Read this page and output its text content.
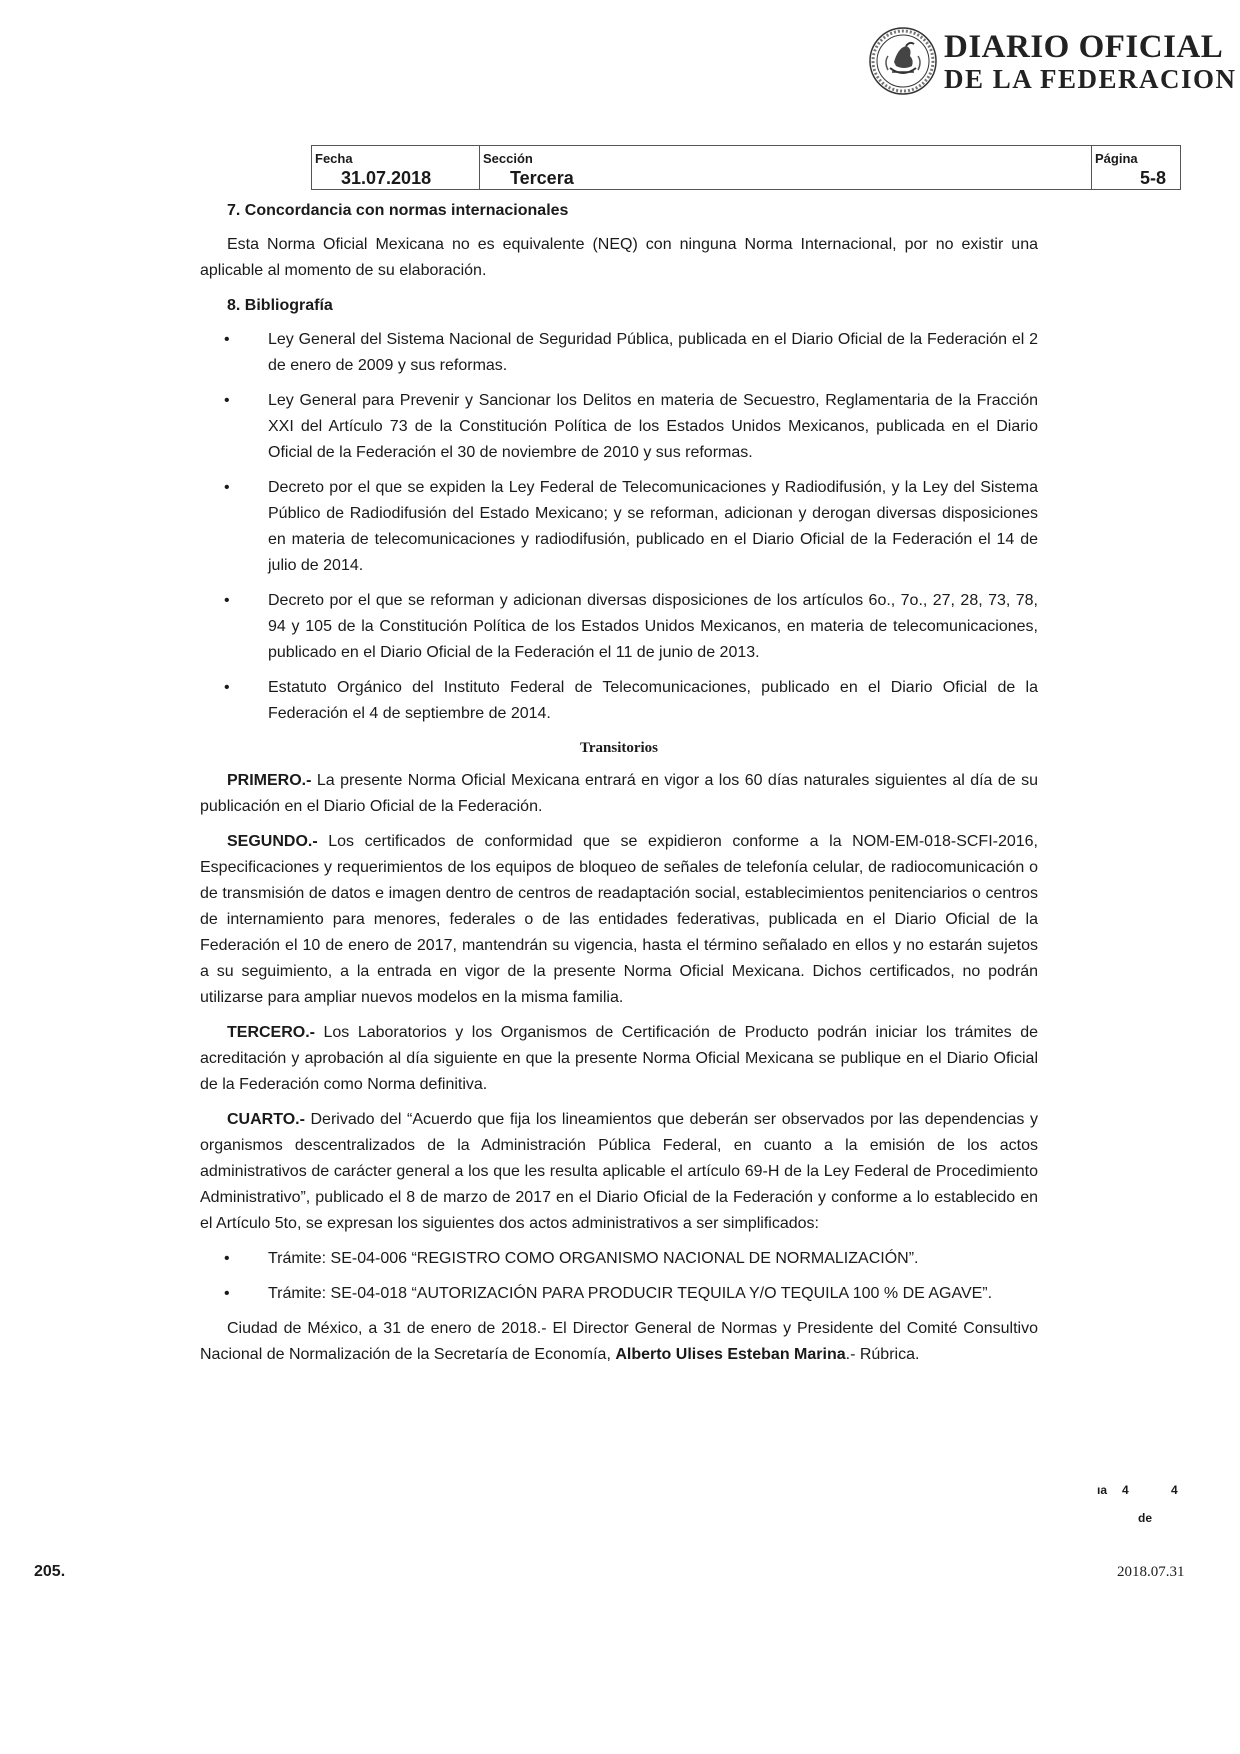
DIARIO OFICIAL
DE LA FEDERACION
Fecha
31.07.2018
Sección
Tercera
Página
5-8

7. Concordancia con normas internacionales

Esta Norma Oficial Mexicana no es equivalente (NEQ) con ninguna Norma Internacional, por no existir una aplicable al momento de su elaboración.

8. Bibliografía

• Ley General del Sistema Nacional de Seguridad Pública, publicada en el Diario Oficial de la Federación el 2 de enero de 2009 y sus reformas.
• Ley General para Prevenir y Sancionar los Delitos en materia de Secuestro, Reglamentaria de la Fracción XXI del Artículo 73 de la Constitución Política de los Estados Unidos Mexicanos, publicada en el Diario Oficial de la Federación el 30 de noviembre de 2010 y sus reformas.
• Decreto por el que se expiden la Ley Federal de Telecomunicaciones y Radiodifusión, y la Ley del Sistema Público de Radiodifusión del Estado Mexicano; y se reforman, adicionan y derogan diversas disposiciones en materia de telecomunicaciones y radiodifusión, publicado en el Diario Oficial de la Federación el 14 de julio de 2014.
• Decreto por el que se reforman y adicionan diversas disposiciones de los artículos 6o., 7o., 27, 28, 73, 78, 94 y 105 de la Constitución Política de los Estados Unidos Mexicanos, en materia de telecomunicaciones, publicado en el Diario Oficial de la Federación el 11 de junio de 2013.
• Estatuto Orgánico del Instituto Federal de Telecomunicaciones, publicado en el Diario Oficial de la Federación el 4 de septiembre de 2014.

Transitorios

PRIMERO.- La presente Norma Oficial Mexicana entrará en vigor a los 60 días naturales siguientes al día de su publicación en el Diario Oficial de la Federación.

SEGUNDO.- Los certificados de conformidad que se expidieron conforme a la NOM-EM-018-SCFI-2016, Especificaciones y requerimientos de los equipos de bloqueo de señales de telefonía celular, de radiocomunicación o de transmisión de datos e imagen dentro de centros de readaptación social, establecimientos penitenciarios o centros de internamiento para menores, federales o de las entidades federativas, publicada en el Diario Oficial de la Federación el 10 de enero de 2017, mantendrán su vigencia, hasta el término señalado en ellos y no estarán sujetos a su seguimiento, a la entrada en vigor de la presente Norma Oficial Mexicana. Dichos certificados, no podrán utilizarse para ampliar nuevos modelos en la misma familia.

TERCERO.- Los Laboratorios y los Organismos de Certificación de Producto podrán iniciar los trámites de acreditación y aprobación al día siguiente en que la presente Norma Oficial Mexicana se publique en el Diario Oficial de la Federación como Norma definitiva.

CUARTO.- Derivado del “Acuerdo que fija los lineamientos que deberán ser observados por las dependencias y organismos descentralizados de la Administración Pública Federal, en cuanto a la emisión de los actos administrativos de carácter general a los que les resulta aplicable el artículo 69-H de la Ley Federal de Procedimiento Administrativo”, publicado el 8 de marzo de 2017 en el Diario Oficial de la Federación y conforme a lo establecido en el Artículo 5to, se expresan los siguientes dos actos administrativos a ser simplificados:

• Trámite: SE-04-006 “REGISTRO COMO ORGANISMO NACIONAL DE NORMALIZACIÓN”.
• Trámite: SE-04-018 “AUTORIZACIÓN PARA PRODUCIR TEQUILA Y/O TEQUILA 100 % DE AGAVE”.

Ciudad de México, a 31 de enero de 2018.- El Director General de Normas y Presidente del Comité Consultivo Nacional de Normalización de la Secretaría de Economía, Alberto Ulises Esteban Marina.- Rúbrica.

ıa 4	4
de
205.	2018.07.31
